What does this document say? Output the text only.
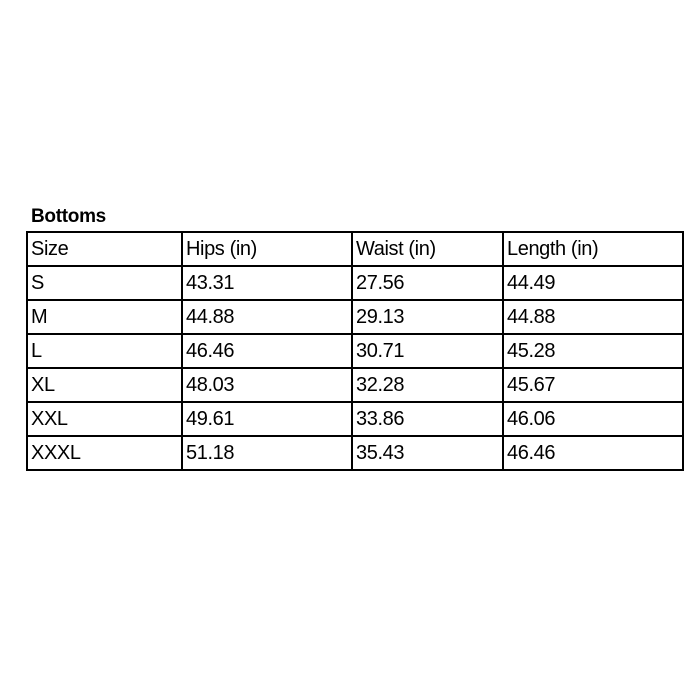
Bottoms
Size	Hips (in)	Waist (in)	Length (in)
S	43.31	27.56	44.49
M	44.88	29.13	44.88
L	46.46	30.71	45.28
XL	48.03	32.28	45.67
XXL	49.61	33.86	46.06
XXXL	51.18	35.43	46.46
